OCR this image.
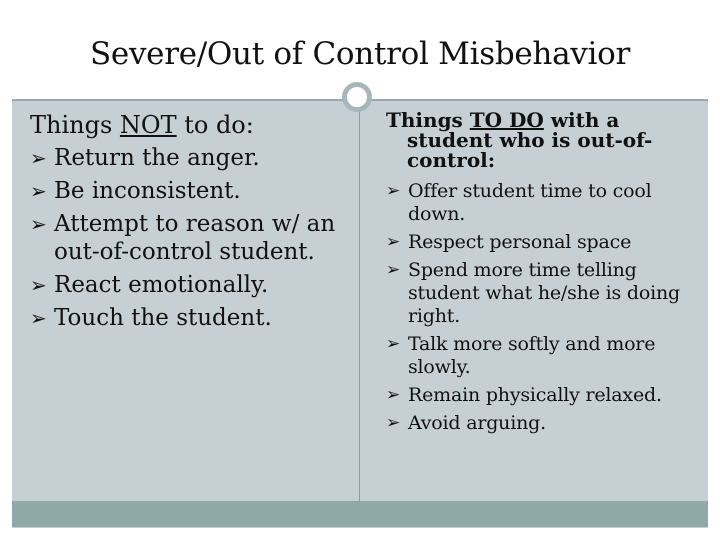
Severe/Out of Control Misbehavior
Things NOT to do:
➢ Return the anger.
➢ Be inconsistent.
➢ Attempt to reason w/ an out-of-control student.
➢ React emotionally.
➢ Touch the student.
Things TO DO with a
student who is out-of-
control:
➢ Offer student time to cool down.
➢ Respect personal space
➢ Spend more time telling student what he/she is doing right.
➢ Talk more softly and more slowly.
➢ Remain physically relaxed.
➢ Avoid arguing.
